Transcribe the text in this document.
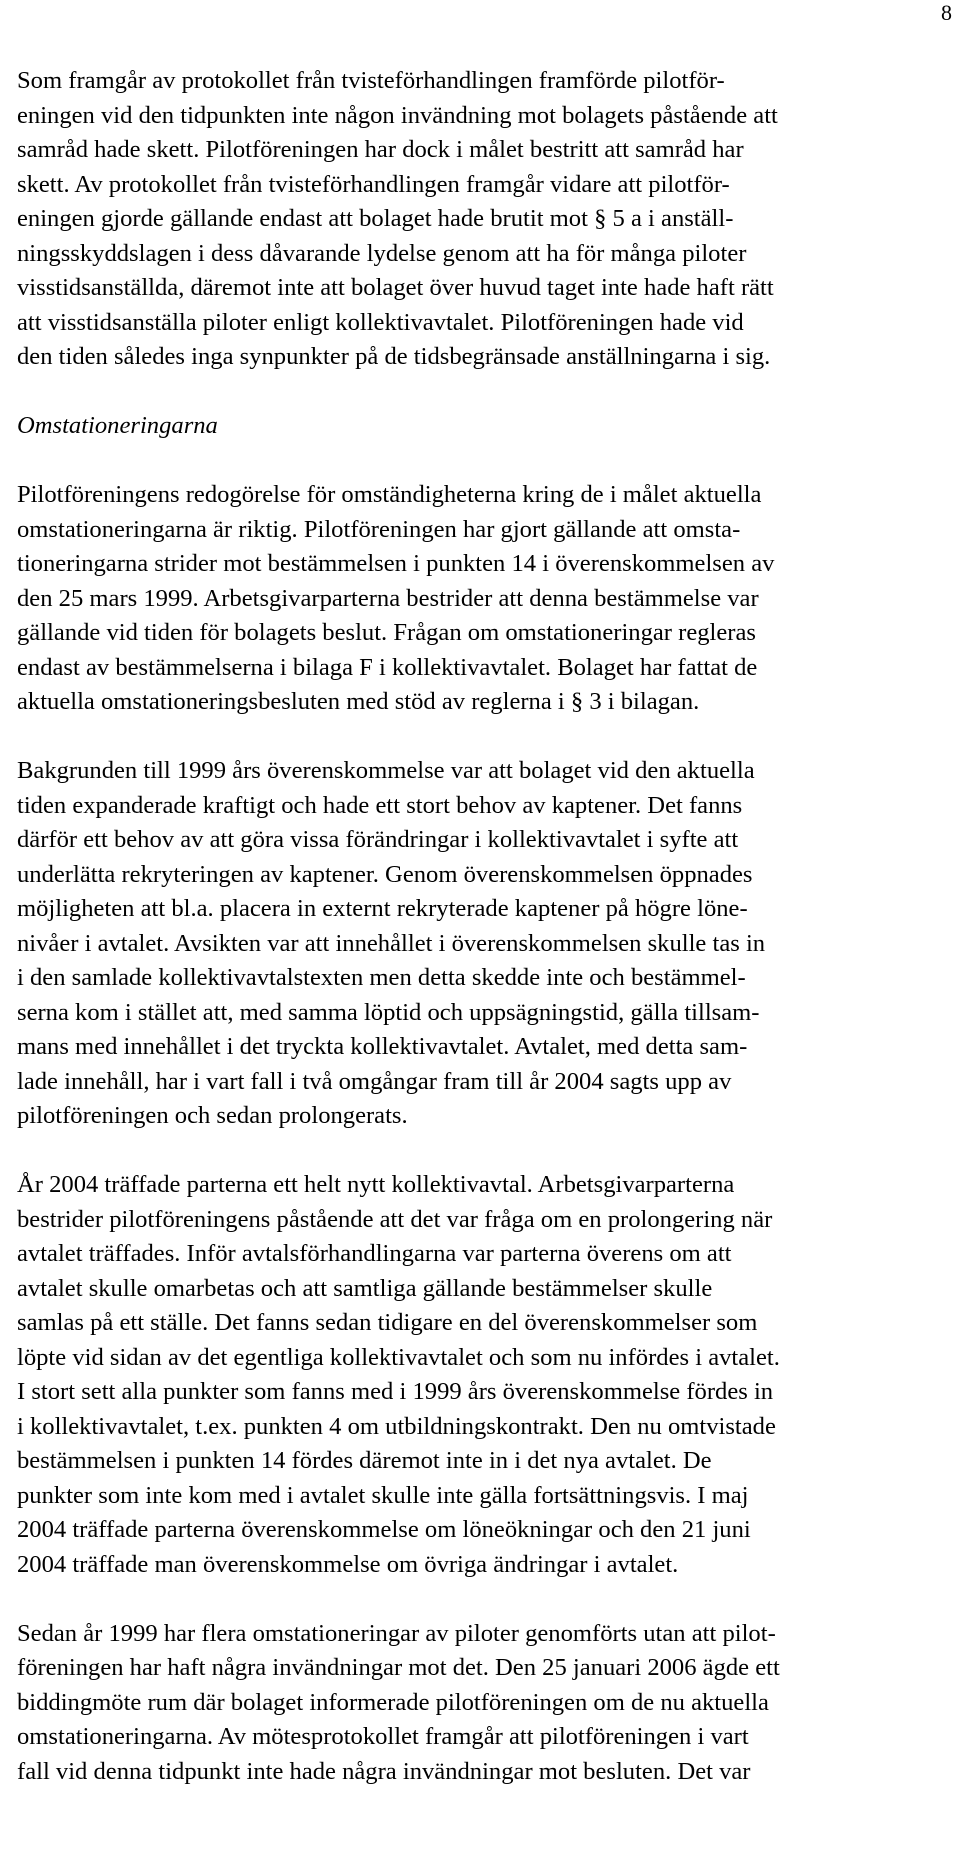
8
Som framgår av protokollet från tvisteförhandlingen framförde pilotför-
eningen vid den tidpunkten inte någon invändning mot bolagets påstående att
samråd hade skett. Pilotföreningen har dock i målet bestritt att samråd har
skett. Av protokollet från tvisteförhandlingen framgår vidare att pilotför-
eningen gjorde gällande endast att bolaget hade brutit mot § 5 a i anställ-
ningsskyddslagen i dess dåvarande lydelse genom att ha för många piloter
visstidsanställda, däremot inte att bolaget över huvud taget inte hade haft rätt
att visstidsanställa piloter enligt kollektivavtalet. Pilotföreningen hade vid
den tiden således inga synpunkter på de tidsbegränsade anställningarna i sig.
Omstationeringarna
Pilotföreningens redogörelse för omständigheterna kring de i målet aktuella
omstationeringarna är riktig. Pilotföreningen har gjort gällande att omsta-
tioneringarna strider mot bestämmelsen i punkten 14 i överenskommelsen av
den 25 mars 1999. Arbetsgivarparterna bestrider att denna bestämmelse var
gällande vid tiden för bolagets beslut. Frågan om omstationeringar regleras
endast av bestämmelserna i bilaga F i kollektivavtalet. Bolaget har fattat de
aktuella omstationeringsbesluten med stöd av reglerna i § 3 i bilagan.
Bakgrunden till 1999 års överenskommelse var att bolaget vid den aktuella
tiden expanderade kraftigt och hade ett stort behov av kaptener. Det fanns
därför ett behov av att göra vissa förändringar i kollektivavtalet i syfte att
underlätta rekryteringen av kaptener. Genom överenskommelsen öppnades
möjligheten att bl.a. placera in externt rekryterade kaptener på högre löne-
nivåer i avtalet. Avsikten var att innehållet i överenskommelsen skulle tas in
i den samlade kollektivavtalstexten men detta skedde inte och bestämmel-
serna kom i stället att, med samma löptid och uppsägningstid, gälla tillsam-
mans med innehållet i det tryckta kollektivavtalet. Avtalet, med detta sam-
lade innehåll, har i vart fall i två omgångar fram till år 2004 sagts upp av
pilotföreningen och sedan prolongerats.
År 2004 träffade parterna ett helt nytt kollektivavtal. Arbetsgivarparterna
bestrider pilotföreningens påstående att det var fråga om en prolongering när
avtalet träffades. Inför avtalsförhandlingarna var parterna överens om att
avtalet skulle omarbetas och att samtliga gällande bestämmelser skulle
samlas på ett ställe. Det fanns sedan tidigare en del överenskommelser som
löpte vid sidan av det egentliga kollektivavtalet och som nu infördes i avtalet.
I stort sett alla punkter som fanns med i 1999 års överenskommelse fördes in
i kollektivavtalet, t.ex. punkten 4 om utbildningskontrakt. Den nu omtvistade
bestämmelsen i punkten 14 fördes däremot inte in i det nya avtalet. De
punkter som inte kom med i avtalet skulle inte gälla fortsättningsvis. I maj
2004 träffade parterna överenskommelse om löneökningar och den 21 juni
2004 träffade man överenskommelse om övriga ändringar i avtalet.
Sedan år 1999 har flera omstationeringar av piloter genomförts utan att pilot-
föreningen har haft några invändningar mot det. Den 25 januari 2006 ägde ett
biddingmöte rum där bolaget informerade pilotföreningen om de nu aktuella
omstationeringarna. Av mötesprotokollet framgår att pilotföreningen i vart
fall vid denna tidpunkt inte hade några invändningar mot besluten. Det var
